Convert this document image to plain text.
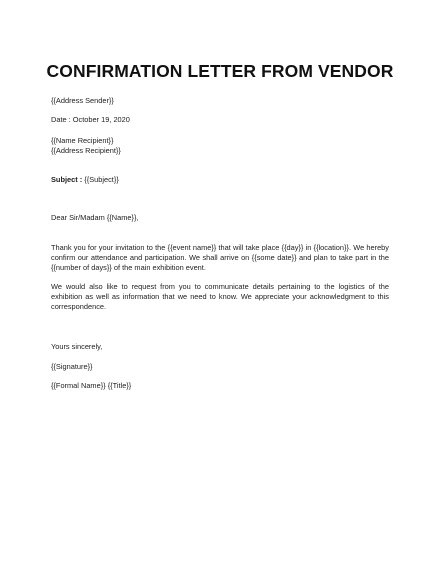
CONFIRMATION LETTER FROM VENDOR
{{Address Sender}}
Date : October 19, 2020
{{Name Recipient}}
{{Address Recipient}}
Subject : {{Subject}}
Dear Sir/Madam {{Name}},
Thank you for your invitation to the {{event name}} that will take place {{day}} in {{location}}. We hereby confirm our attendance and participation. We shall arrive on {{some date}} and plan to take part in the {{number of days}} of the main exhibition event.
We would also like to request from you to communicate details pertaining to the logistics of the exhibition as well as information that we need to know. We appreciate your acknowledgment to this correspondence.
Yours sincerely,
{{Signature}}
{{Formal Name}} {{Title}}
